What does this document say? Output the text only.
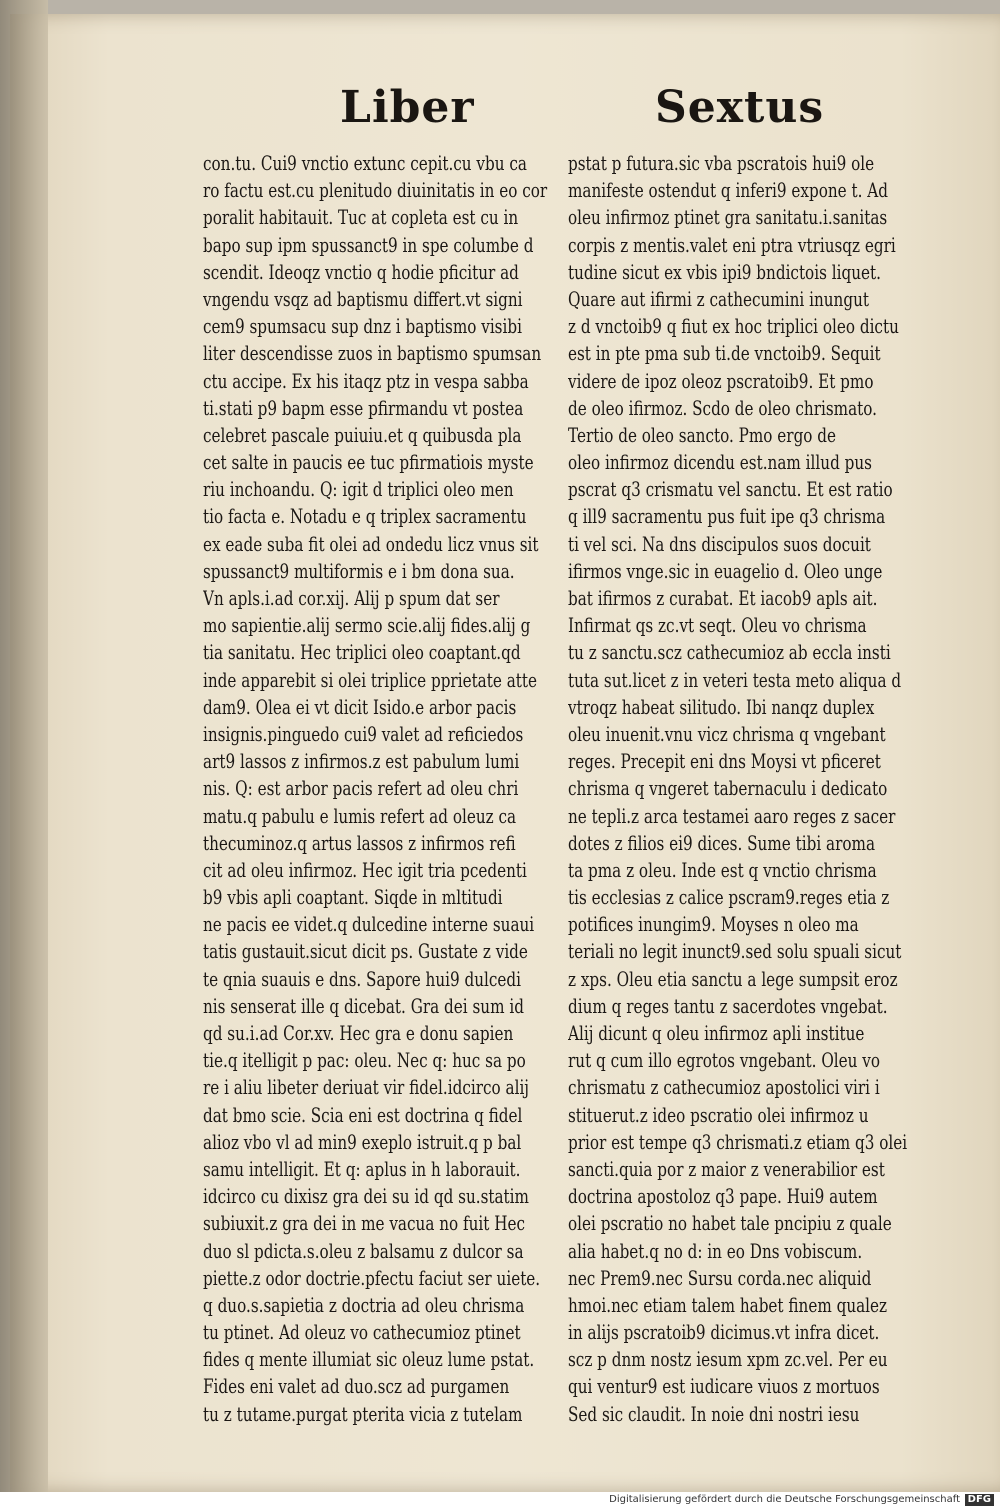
Liber	Sextus
con.tu. Cui9 vnctio extunc cepit.cu vbu ca
ro factu est.cu plenitudo diuinitatis in eo cor
poralit habitauit. Tuc at copleta est cu in
bapo sup ipm spussanct9 in spe columbe d
scendit. Ideoqz vnctio q hodie pficitur ad
vngendu vsqz ad baptismu differt.vt signi
cem9 spumsacu sup dnz i baptismo visibi
liter descendisse zuos in baptismo spumsan
ctu accipe. Ex his itaqz ptz in vespa sabba
ti.stati p9 bapm esse pfirmandu vt postea
celebret pascale puiuiu.et q quibusda pla
cet salte in paucis ee tuc pfirmatiois myste
riu inchoandu. Q: igit d triplici oleo men
tio facta e. Notadu e q triplex sacramentu
ex eade suba fit olei ad ondedu licz vnus sit
spussanct9 multiformis e i bm dona sua.
Vn apls.i.ad cor.xij. Alij p spum dat ser
mo sapientie.alij sermo scie.alij fides.alij g
tia sanitatu. Hec triplici oleo coaptant.qd
inde apparebit si olei triplice pprietate atte
dam9. Olea ei vt dicit Isido.e arbor pacis
insignis.pinguedo cui9 valet ad reficiedos
art9 lassos z infirmos.z est pabulum lumi
nis. Q: est arbor pacis refert ad oleu chri
matu.q pabulu e lumis refert ad oleuz ca
thecuminoz.q artus lassos z infirmos refi
cit ad oleu infirmoz. Hec igit tria pcedenti
b9 vbis apli coaptant. Siqde in mltitudi
ne pacis ee videt.q dulcedine interne suaui
tatis gustauit.sicut dicit ps. Gustate z vide
te qnia suauis e dns. Sapore hui9 dulcedi
nis senserat ille q dicebat. Gra dei sum id
qd su.i.ad Cor.xv. Hec gra e donu sapien
tie.q itelligit p pac: oleu. Nec q: huc sa po
re i aliu libeter deriuat vir fidel.idcirco alij
dat bmo scie. Scia eni est doctrina q fidel
alioz vbo vl ad min9 exeplo istruit.q p bal
samu intelligit. Et q: aplus in h laborauit.
idcirco cu dixisz gra dei su id qd su.statim
subiuxit.z gra dei in me vacua no fuit Hec
duo sl pdicta.s.oleu z balsamu z dulcor sa
piette.z odor doctrie.pfectu faciut ser uiete.
q duo.s.sapietia z doctria ad oleu chrisma
tu ptinet. Ad oleuz vo cathecumioz ptinet
fides q mente illumiat sic oleuz lume pstat.
Fides eni valet ad duo.scz ad purgamen
tu z tutame.purgat pterita vicia z tutelam
pstat p futura.sic vba pscratois hui9 ole
manifeste ostendut q inferi9 expone t. Ad
oleu infirmoz ptinet gra sanitatu.i.sanitas
corpis z mentis.valet eni ptra vtriusqz egri
tudine sicut ex vbis ipi9 bndictois liquet.
Quare aut ifirmi z cathecumini inungut
z d vnctoib9 q fiut ex hoc triplici oleo dictu
est in pte pma sub ti.de vnctoib9. Sequit
videre de ipoz oleoz pscratoib9. Et pmo
de oleo ifirmoz. Scdo de oleo chrismato.
Tertio de oleo sancto. Pmo ergo de
oleo infirmoz dicendu est.nam illud pus
pscrat q3 crismatu vel sanctu. Et est ratio
q ill9 sacramentu pus fuit ipe q3 chrisma
ti vel sci. Na dns discipulos suos docuit
ifirmos vnge.sic in euagelio d. Oleo unge
bat ifirmos z curabat. Et iacob9 apls ait.
Infirmat qs zc.vt seqt. Oleu vo chrisma
tu z sanctu.scz cathecumioz ab eccla insti
tuta sut.licet z in veteri testa meto aliqua d
vtroqz habeat silitudo. Ibi nanqz duplex
oleu inuenit.vnu vicz chrisma q vngebant
reges. Precepit eni dns Moysi vt pficeret
chrisma q vngeret tabernaculu i dedicato
ne tepli.z arca testamei aaro reges z sacer
dotes z filios ei9 dices. Sume tibi aroma
ta pma z oleu. Inde est q vnctio chrisma
tis ecclesias z calice pscram9.reges etia z
potifices inungim9. Moyses n oleo ma
teriali no legit inunct9.sed solu spuali sicut
z xps. Oleu etia sanctu a lege sumpsit eroz
dium q reges tantu z sacerdotes vngebat.
Alij dicunt q oleu infirmoz apli institue
rut q cum illo egrotos vngebant. Oleu vo
chrismatu z cathecumioz apostolici viri i
stituerut.z ideo pscratio olei infirmoz u
prior est tempe q3 chrismati.z etiam q3 olei
sancti.quia por z maior z venerabilior est
doctrina apostoloz q3 pape. Hui9 autem
olei pscratio no habet tale pncipiu z quale
alia habet.q no d: in eo Dns vobiscum.
nec Prem9.nec Sursu corda.nec aliquid
hmoi.nec etiam talem habet finem qualez
in alijs pscratoib9 dicimus.vt infra dicet.
scz p dnm nostz iesum xpm zc.vel. Per eu
qui ventur9 est iudicare viuos z mortuos
Sed sic claudit. In noie dni nostri iesu
Digitalisierung gefördert durch die Deutsche Forschungsgemeinschaft DFG
